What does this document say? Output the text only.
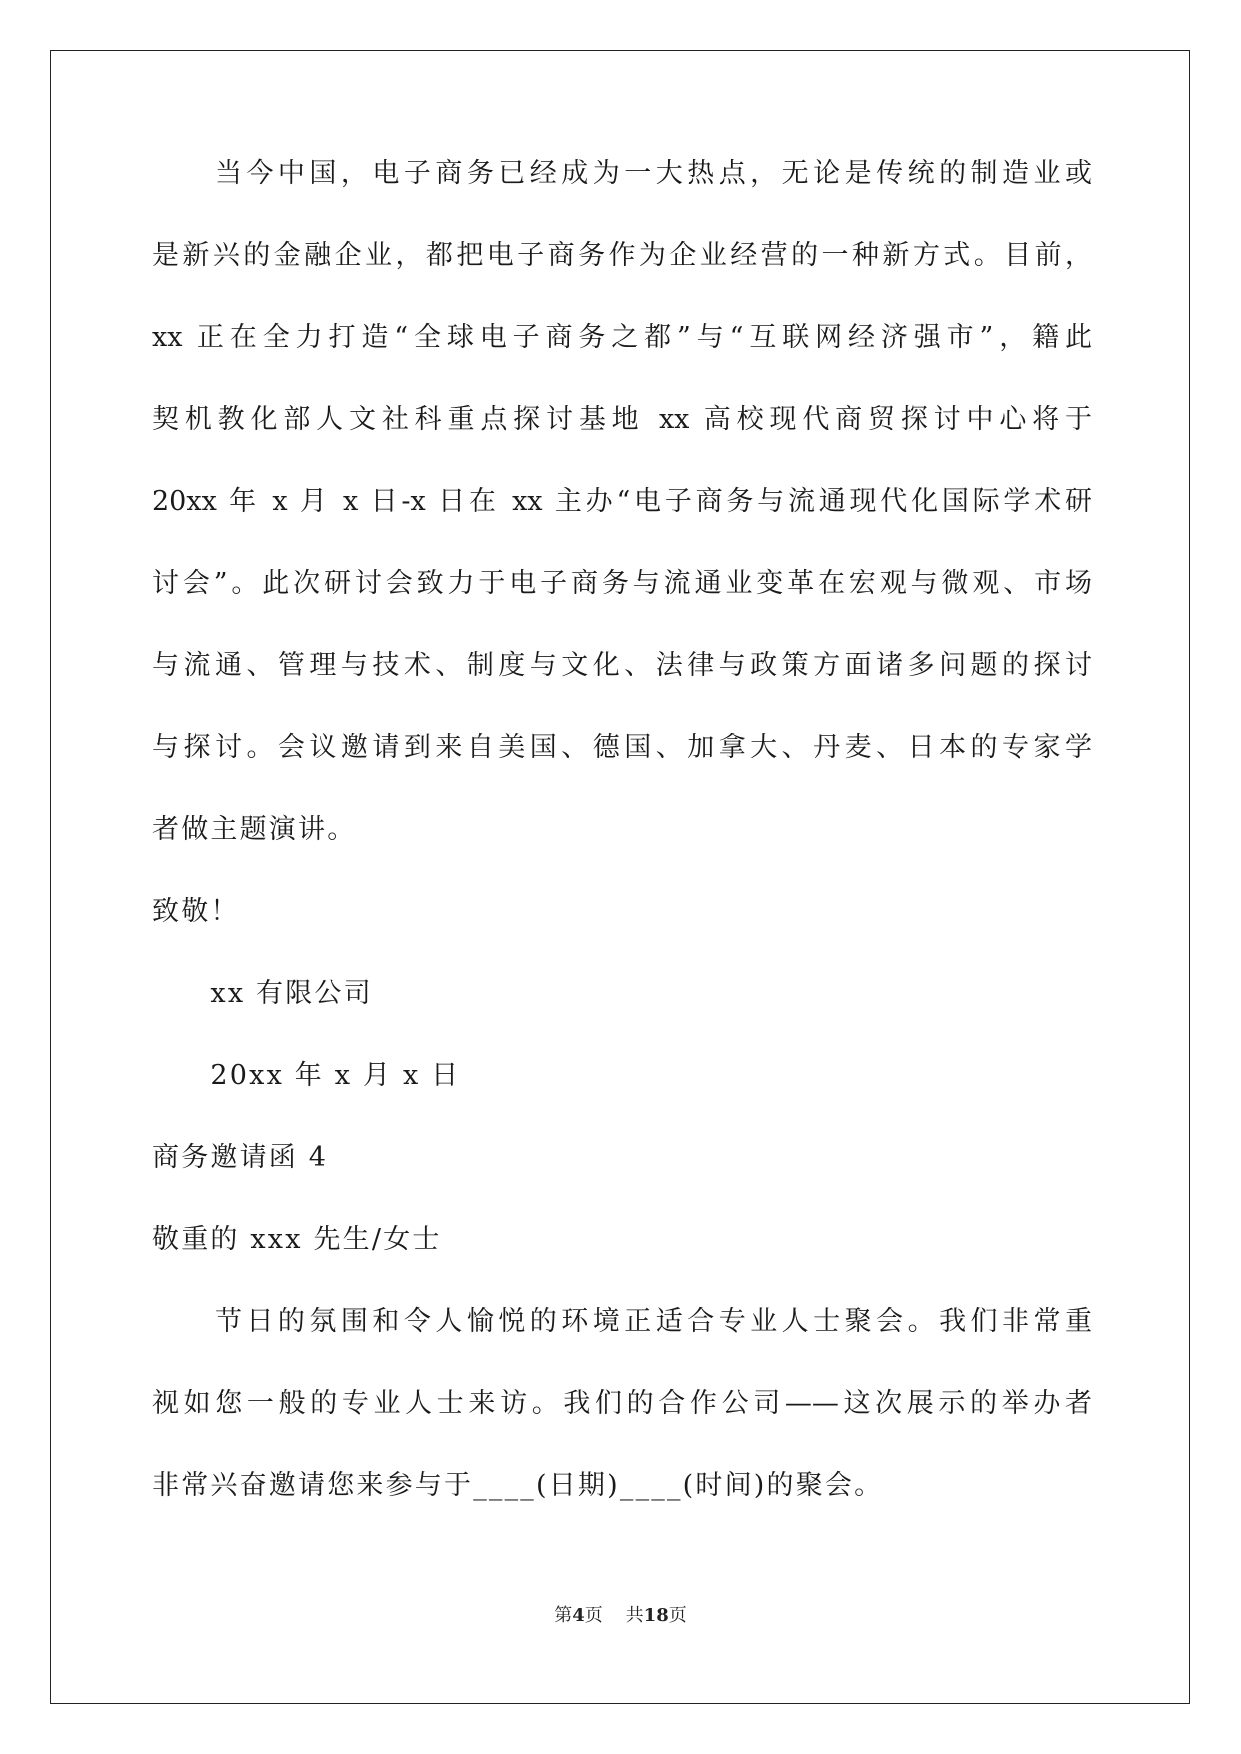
　　当今中国，电子商务已经成为一大热点，无论是传统的制造业或
是新兴的金融企业，都把电子商务作为企业经营的一种新方式。目前，
xx 正在全力打造“全球电子商务之都”与“互联网经济强市”，籍此
契机教化部人文社科重点探讨基地 xx 高校现代商贸探讨中心将于
20xx 年 x 月 x 日-x 日在 xx 主办“电子商务与流通现代化国际学术研
讨会”。此次研讨会致力于电子商务与流通业变革在宏观与微观、市场
与流通、管理与技术、制度与文化、法律与政策方面诸多问题的探讨
与探讨。会议邀请到来自美国、德国、加拿大、丹麦、日本的专家学
者做主题演讲。
致敬！
　　xx 有限公司
　　20xx 年 x 月 x 日
商务邀请函 4
敬重的 xxx 先生/女士
　　节日的氛围和令人愉悦的环境正适合专业人士聚会。我们非常重
视如您一般的专业人士来访。我们的合作公司——这次展示的举办者
非常兴奋邀请您来参与于____(日期)____(时间)的聚会。
第4页 共18页
